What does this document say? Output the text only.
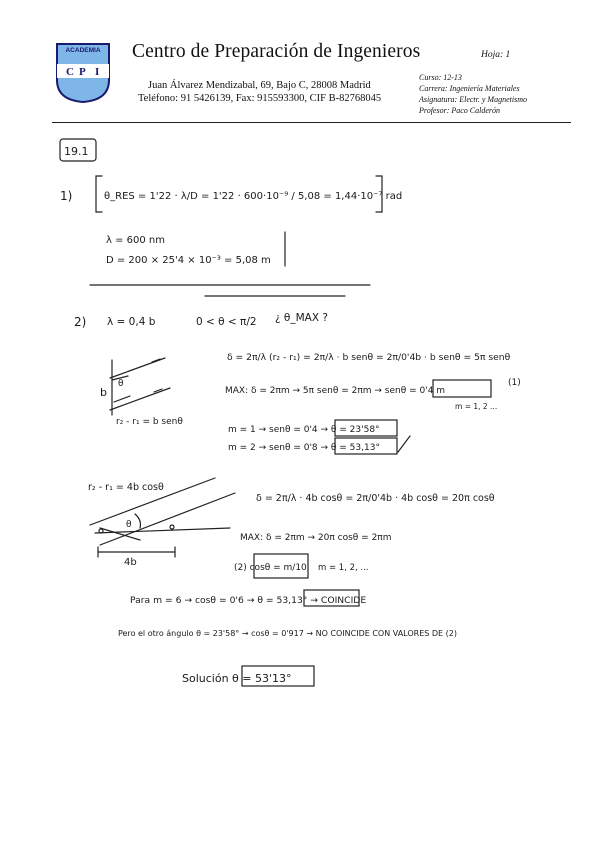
ACADEMIA
C P I
Centro de Preparación de Ingenieros	Hoja: 1
Juan Álvarez Mendizabal, 69, Bajo C, 28008 Madrid
Teléfono: 91 5426139, Fax: 915593300, CIF B-82768045
Curso: 12-13
Carrera: Ingeniería Materiales
Asignatura: Electr. y Magnetismo
Profesor: Paco Calderón
19.1
1)	θ_RES = 1'22 · λ/D = 1'22 · 600·10⁻⁹ / 5,08 = 1,44·10⁻⁷ rad
λ = 600 nm
D = 200 × 25'4 × 10⁻³ = 5,08 m
2) λ = 0,4 b	0 < θ < π/2 ¿ θ_MAX ?
b
θ
r₂ - r₁ = b senθ
δ = 2π/λ (r₂ - r₁) = 2π/λ · b senθ = 2π/0'4b · b senθ = 5π senθ
MAX: δ = 2πm → 5π senθ = 2πm → senθ = 0'4 m
(1)
m = 1, 2 ...
m = 1 → senθ = 0'4 → θ = 23'58°
m = 2 → senθ = 0'8 → θ = 53,13°
r₂ - r₁ = 4b cosθ
θ
4b
δ = 2π/λ · 4b cosθ = 2π/0'4b · 4b cosθ = 20π cosθ
MAX: δ = 2πm → 20π cosθ = 2πm
(2) cosθ = m/10 m = 1, 2, ...
Para m = 6 → cosθ = 0'6 → θ = 53,13° → COINCIDE
Pero el otro ángulo θ = 23'58° → cosθ = 0'917 → NO COINCIDE CON VALORES DE (2)
Solución θ = 53'13°
